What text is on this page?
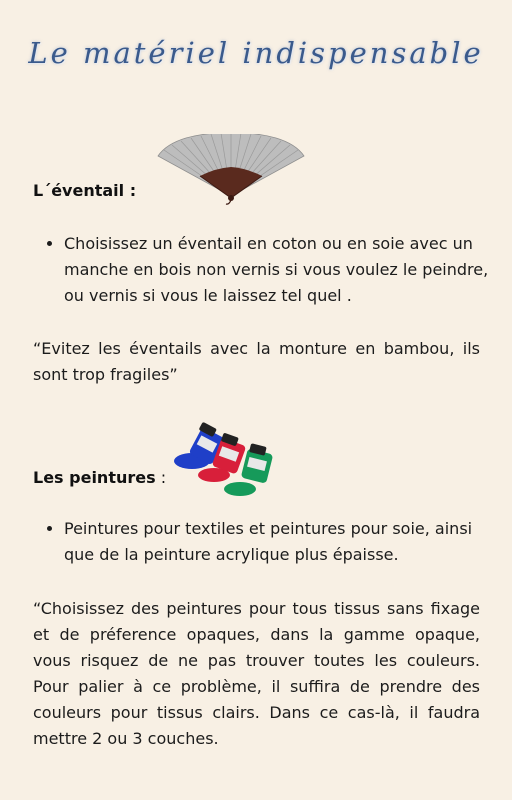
Le matériel indispensable
L´éventail :
• Choisissez un éventail en coton ou en soie avec un manche en bois non vernis si vous voulez le peindre, ou vernis si vous le laissez tel quel .
“Evitez les éventails avec la monture en bambou, ils sont trop fragiles”
Les peintures :
• Peintures pour textiles et peintures pour soie, ainsi que de la peinture acrylique plus épaisse.
“Choisissez des peintures pour tous tissus sans fixage et de préference opaques, dans la gamme opaque, vous risquez de ne pas trouver toutes les couleurs. Pour palier à ce problème, il suffira de prendre des couleurs pour tissus clairs. Dans ce cas-là, il faudra mettre 2 ou 3 couches.
